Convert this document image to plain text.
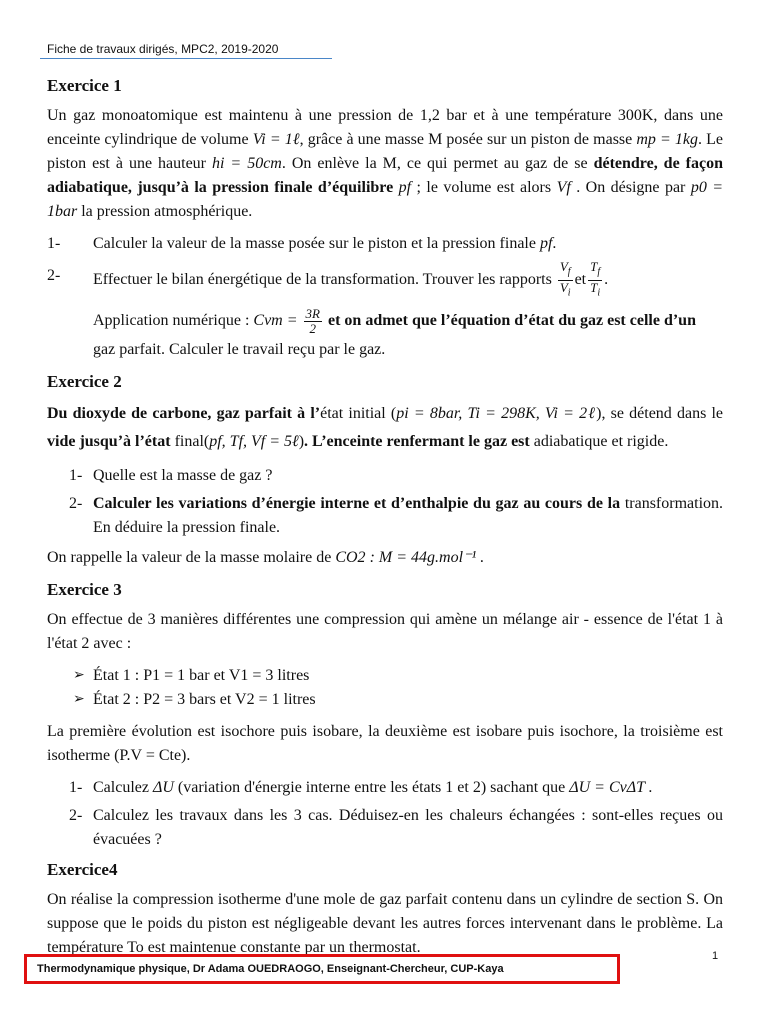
Fiche de travaux dirigés, MPC2, 2019-2020
Exercice 1

Un gaz monoatomique est maintenu à une pression de 1,2 bar et à une température 300K, dans une enceinte cylindrique de volume Vi = 1ℓ, grâce à une masse M posée sur un piston de masse mp = 1kg. Le piston est à une hauteur hi = 50cm. On enlève la M, ce qui permet au gaz de se détendre, de façon adiabatique, jusqu’à la pression finale d’équilibre pf ; le volume est alors Vf . On désigne par p0 = 1bar la pression atmosphérique.

1- Calculer la valeur de la masse posée sur le piston et la pression finale pf.
2- Effectuer le bilan énergétique de la transformation. Trouver les rapports $\frac{V_f}{V_i}$ et $\frac{T_f}{T_i}$ .

Application numérique : Cvm = $\frac{3R}{2}$ et on admet que l’équation d’état du gaz est celle d’un

gaz parfait. Calculer le travail reçu par le gaz.

Exercice 2

Du dioxyde de carbone, gaz parfait à l’état initial (pi = 8bar, Ti = 298K, Vi = 2ℓ), se détend dans le vide jusqu’à l’état final(pf, Tf, Vf = 5ℓ). L’enceinte renfermant le gaz est adiabatique et rigide.

1- Quelle est la masse de gaz ?
2- Calculer les variations d’énergie interne et d’enthalpie du gaz au cours de la transformation. En déduire la pression finale.

On rappelle la valeur de la masse molaire de CO2 : M = 44g.mol⁻¹ .

Exercice 3

On effectue de 3 manières différentes une compression qui amène un mélange air - essence de l'état 1 à l'état 2 avec :

➢ État 1 : P1 = 1 bar et V1 = 3 litres
➢ État 2 : P2 = 3 bars et V2 = 1 litres

La première évolution est isochore puis isobare, la deuxième est isobare puis isochore, la troisième est isotherme (P.V = Cte).

1- Calculez ΔU (variation d'énergie interne entre les états 1 et 2) sachant que ΔU = CvΔT .
2- Calculez les travaux dans les 3 cas. Déduisez-en les chaleurs échangées : sont-elles reçues ou évacuées ?
Exercice4

On réalise la compression isotherme d'une mole de gaz parfait contenu dans un cylindre de section S. On suppose que le poids du piston est négligeable devant les autres forces intervenant dans le problème. La température To est maintenue constante par un thermostat.	1
Thermodynamique physique, Dr Adama OUEDRAOGO, Enseignant-Chercheur, CUP-Kaya
